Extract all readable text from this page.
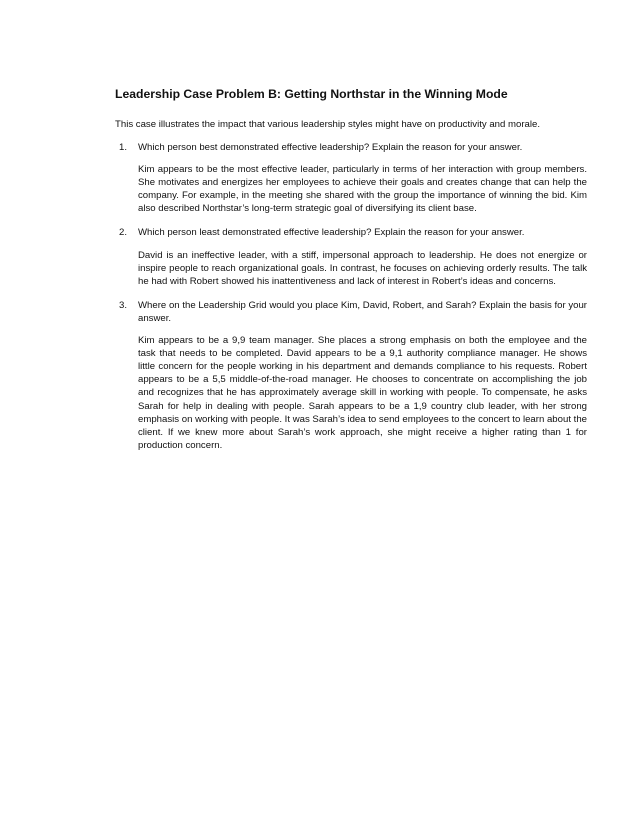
Leadership Case Problem B: Getting Northstar in the Winning Mode

This case illustrates the impact that various leadership styles might have on productivity and morale.

1. Which person best demonstrated effective leadership? Explain the reason for your answer.

Kim appears to be the most effective leader, particularly in terms of her interaction with group members. She motivates and energizes her employees to achieve their goals and creates change that can help the company. For example, in the meeting she shared with the group the importance of winning the bid. Kim also described Northstar’s long-term strategic goal of diversifying its client base.

2. Which person least demonstrated effective leadership? Explain the reason for your answer.

David is an ineffective leader, with a stiff, impersonal approach to leadership. He does not energize or inspire people to reach organizational goals. In contrast, he focuses on achieving orderly results. The talk he had with Robert showed his inattentiveness and lack of interest in Robert’s ideas and concerns.

3. Where on the Leadership Grid would you place Kim, David, Robert, and Sarah? Explain the basis for your answer.

Kim appears to be a 9,9 team manager. She places a strong emphasis on both the employee and the task that needs to be completed. David appears to be a 9,1 authority compliance manager. He shows little concern for the people working in his department and demands compliance to his requests. Robert appears to be a 5,5 middle-of-the-road manager. He chooses to concentrate on accomplishing the job and recognizes that he has approximately average skill in working with people. To compensate, he asks Sarah for help in dealing with people. Sarah appears to be a 1,9 country club leader, with her strong emphasis on working with people. It was Sarah’s idea to send employees to the concert to learn about the client. If we knew more about Sarah’s work approach, she might receive a higher rating than 1 for production concern.
